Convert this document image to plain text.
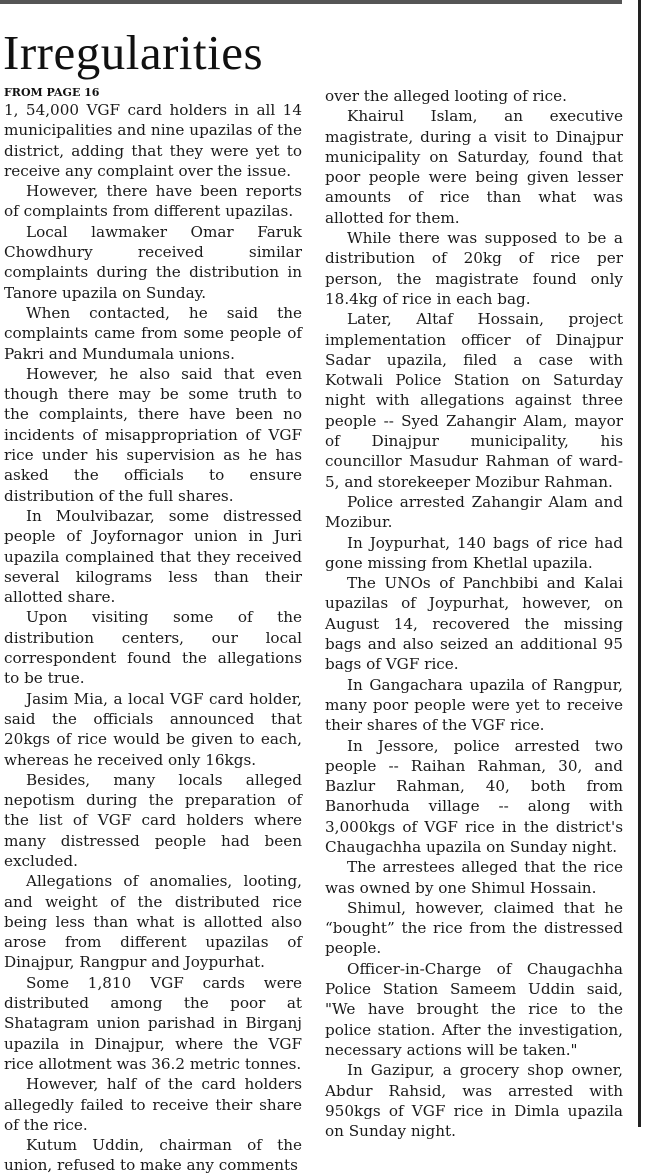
Irregularities
FROM PAGE 16

1, 54,000 VGF card holders in all 14 municipalities and nine upazilas of the district, adding that they were yet to receive any complaint over the issue.

However, there have been reports of complaints from different upazilas.

Local lawmaker Omar Faruk Chowdhury received similar complaints during the distribution in Tanore upazila on Sunday.

When contacted, he said the complaints came from some people of Pakri and Mundumala unions.

However, he also said that even though there may be some truth to the complaints, there have been no incidents of misappropriation of VGF rice under his supervision as he has asked the officials to ensure distribution of the full shares.

In Moulvibazar, some distressed people of Joyfornagor union in Juri upazila complained that they received several kilograms less than their allotted share.

Upon visiting some of the distribution centers, our local correspondent found the allegations to be true.

Jasim Mia, a local VGF card holder, said the officials announced that 20kgs of rice would be given to each, whereas he received only 16kgs.

Besides, many locals alleged nepotism during the preparation of the list of VGF card holders where many distressed people had been excluded.

Allegations of anomalies, looting, and weight of the distributed rice being less than what is allotted also arose from different upazilas of Dinajpur, Rangpur and Joypurhat.

Some 1,810 VGF cards were distributed among the poor at Shatagram union parishad in Birganj upazila in Dinajpur, where the VGF rice allotment was 36.2 metric tonnes.

However, half of the card holders allegedly failed to receive their share of the rice.

Kutum Uddin, chairman of the union, refused to make any comments

over the alleged looting of rice.

Khairul Islam, an executive magistrate, during a visit to Dinajpur municipality on Saturday, found that poor people were being given lesser amounts of rice than what was allotted for them.

While there was supposed to be a distribution of 20kg of rice per person, the magistrate found only 18.4kg of rice in each bag.

Later, Altaf Hossain, project implementation officer of Dinajpur Sadar upazila, filed a case with Kotwali Police Station on Saturday night with allegations against three people -- Syed Zahangir Alam, mayor of Dinajpur municipality, his councillor Masudur Rahman of ward-5, and storekeeper Mozibur Rahman.

Police arrested Zahangir Alam and Mozibur.

In Joypurhat, 140 bags of rice had gone missing from Khetlal upazila.

The UNOs of Panchbibi and Kalai upazilas of Joypurhat, however, on August 14, recovered the missing bags and also seized an additional 95 bags of VGF rice.

In Gangachara upazila of Rangpur, many poor people were yet to receive their shares of the VGF rice.

In Jessore, police arrested two people -- Raihan Rahman, 30, and Bazlur Rahman, 40, both from Banorhuda village -- along with 3,000kgs of VGF rice in the district's Chaugachha upazila on Sunday night.

The arrestees alleged that the rice was owned by one Shimul Hossain.

Shimul, however, claimed that he “bought” the rice from the distressed people.

Officer-in-Charge of Chaugachha Police Station Sameem Uddin said, "We have brought the rice to the police station. After the investigation, necessary actions will be taken."

In Gazipur, a grocery shop owner, Abdur Rahsid, was arrested with 950kgs of VGF rice in Dimla upazila on Sunday night.
